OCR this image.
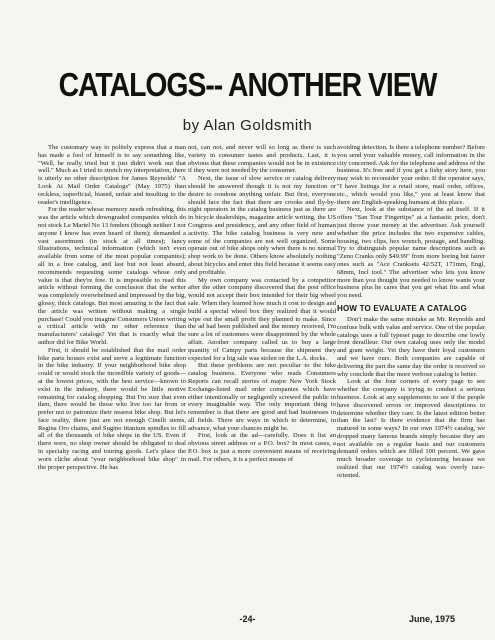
CATALOGS-- ANOTHER VIEW
by Alan Goldsmith

The customary way to politely express that a man has made a fool of himself is to say something like, "Well, he really tried but it just didn't work out that well." Much as I tried to stretch my interpretation, there is utterly no other description for James Reynolds' "A Look At Mail Order Catalogs" (May 1975) than reckless, superficial, biased, unfair and insulting to the reader's intelligence.

For the reader whose memory needs refreshing, this was the article which downgraded companies which do not stock Le Martel No 13 fenders (though neither I nor anyone I know has even heard of them); demanded a vast assortment (in stock at all times); fancy illustrations, technical information (which isn't even available from some of the most popular companies); all in a free catalog, and last but not least absurd, recommends requesting some catalogs whose only value is that they're free. It is impossible to read this article without forming the conclusion that the writer was completely overwhelmed and impressed by the big, glossy, thick catalogs. But most amazing is the fact that the article was written without making a single purchase! Could you imagine Consumers Union writing a critical article with no other reference than manufacturers' catalogs? Yet that is exactly what the author did for Bike World.

First, it should be established that the mail order bike parts houses exist and serve a legitimate function in the bike industry. If your neighborhood bike shop could or would stock the incredible variety of goods—at the lowest prices, with the best service—known to exist in the industry, there would be little motive remaining for catalog shopping. But I'm sure that even then, there would be those who live too far from or prefer not to patronize their nearest bike shop. But let's face reality, there just are not enough Cinelli stems, Regina Oro chains, and Sugino titanium spindles to fill all of the thousands of bike shops in the US. Even if there were, no shop owner should be obligated to deal in specialty racing and touring goods. Let's place the worn cliche about "your neighborhood bike shop" in the proper perspective. He has

not, can not, and never will so long as there is such variety in consumer tastes and products. Last, it is obvious that these companies would not be in existence if they were not needed by the consumer.

Next, the issue of slow service or catalog delivery should be answered though it is not my function or desire to condone anything unfair. But first, everyone should face the fact that there are crooks and fly-by-night operators in the catalog business just as there are in bicycle dealerships, magazine article writing, the US Congress and presidency, and any other field of human activity. The bike catalog business is very new and some of the companies are not well organized. Some operate out of bike shops only when there is no normal shop work to be done. Others know absolutely nothing about bicycles and enter this field because it seems easy and profitable.

My own company was contacted by a competitor after the other company discovered that the post office would not accept their box intended for their big wheel sale. When they learned how much it cost to design and build a special wheel box they realized that it would wipe out the small profit they planned to make. Since the ad had been published and the money received, I'm sure a lot of customers were disappointed by the whole affair. Another company called us to buy a large quantity of Campy parts because the shipment they expected for a big sale was stolen on the L.A. docks.

But these problems are not peculiar to the bike catalog business. Everyone who reads Consumers Reports can recall stories of major New York Stock Exchange-listed mail order companies which have either intentionally or negligently screwed the public in every imaginable way. The only important thing to remember is that there are good and bad businesses in all fields. There are ways in which to determine, in advance, what your chances might be.

First, look at the ad—carefully. Does it list an obvious street address or a P.O. box? In most cases, a P.O. box is just a more convenient means of receiving mail. For others, it is a perfect means of

avoiding detection. Is there a telephone number? Before you send your valuable money, call information in the city concerned. Ask for the telephone and address of the business. It's free and if you get a fishy story here, you may wish to reconsider your order. If the operator says, "I have listings for a retail store, mail order, offices, etc., which would you like," you at least know that there are English-speaking humans at this place.

Next, look at the substance of the ad itself. If it offers "San Tour Fingertips" at a fantastic price, don't just throw your money at the advertiser. Ask yourself whether the price includes the two expensive cables, housing, two clips, hex wrench, postage, and handling. Try to distinguish popular name descriptions such as "Zeno Cranks only $49.99" from more boring but fairer ones such as "Ace Cranksets 42/52T, 171mm, Engl, 68mm, Incl tool." The advertiser who lets you know more than you thought you needed to know wants your business plus he cares that you get what fits and what you need.

HOW TO EVALUATE A CATALOG

Don't make the same mistake as Mr. Reynolds and confuse bulk with value and service. One of the popular catalogs uses a full typeset page to describe one lowly front derailleur. Our own catalog uses only the model and gram weight. Yet they have their loyal customers and we have ours. Both companies are capable of delivering the part the same day the order is received so why conclude that the more verbose catalog is better.

Look at the four corners of every page to see whether the company is trying to conduct a serious business. Look at any supplements to see if the people have discovered errors or improved descriptions to determine whether they care. Is the latest edition better than the last? Is there evidence that the firm has matured in some ways? In our own 1974½ catalog, we dropped many famous brands simply because they are not available on a regular basis and our customers demand orders which are filled 100 percent. We gave much broader coverage to cycletouring because we realized that our 1974½ catalog was overly race-oriented.

-24-	June, 1975
